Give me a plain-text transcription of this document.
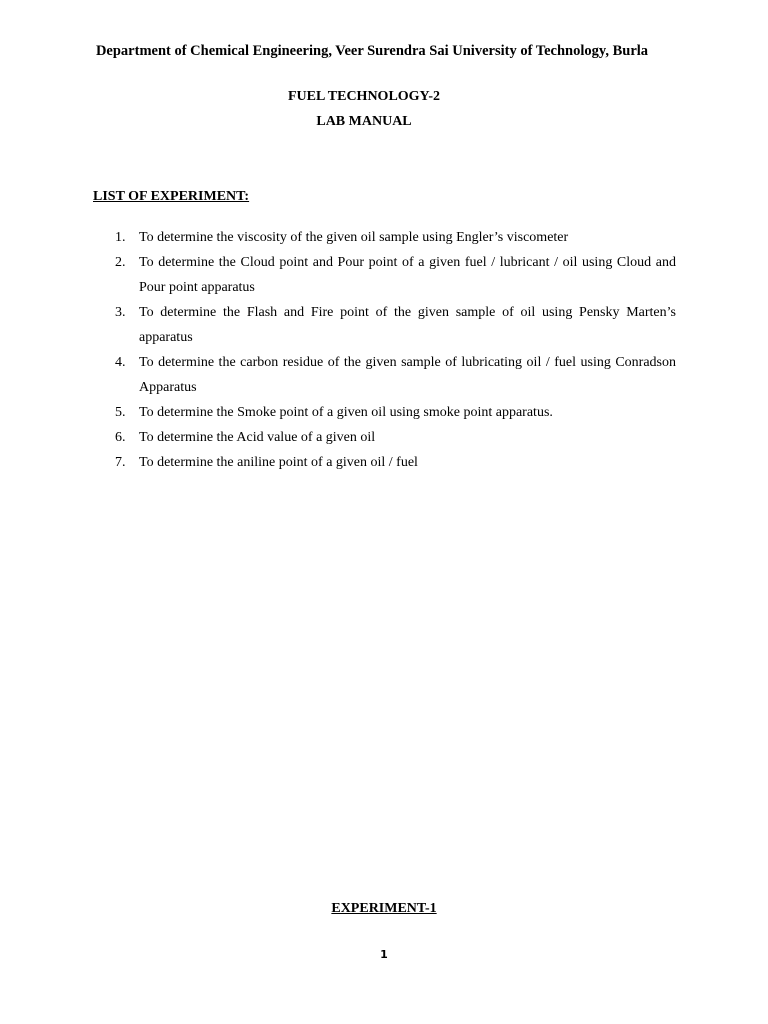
Department of Chemical Engineering, Veer Surendra Sai University of Technology, Burla
FUEL TECHNOLOGY-2
LAB MANUAL
LIST OF EXPERIMENT:
1. To determine the viscosity of the given oil sample using Engler’s viscometer
2. To determine the Cloud point and Pour point of a given fuel / lubricant / oil using Cloud and Pour point apparatus
3. To determine the Flash and Fire point of the given sample of oil using Pensky Marten’s apparatus
4. To determine the carbon residue of the given sample of lubricating oil / fuel using Conradson Apparatus
5. To determine the Smoke point of a given oil using smoke point apparatus.
6. To determine the Acid value of a given oil
7. To determine the aniline point of a given oil / fuel
EXPERIMENT-1
1
